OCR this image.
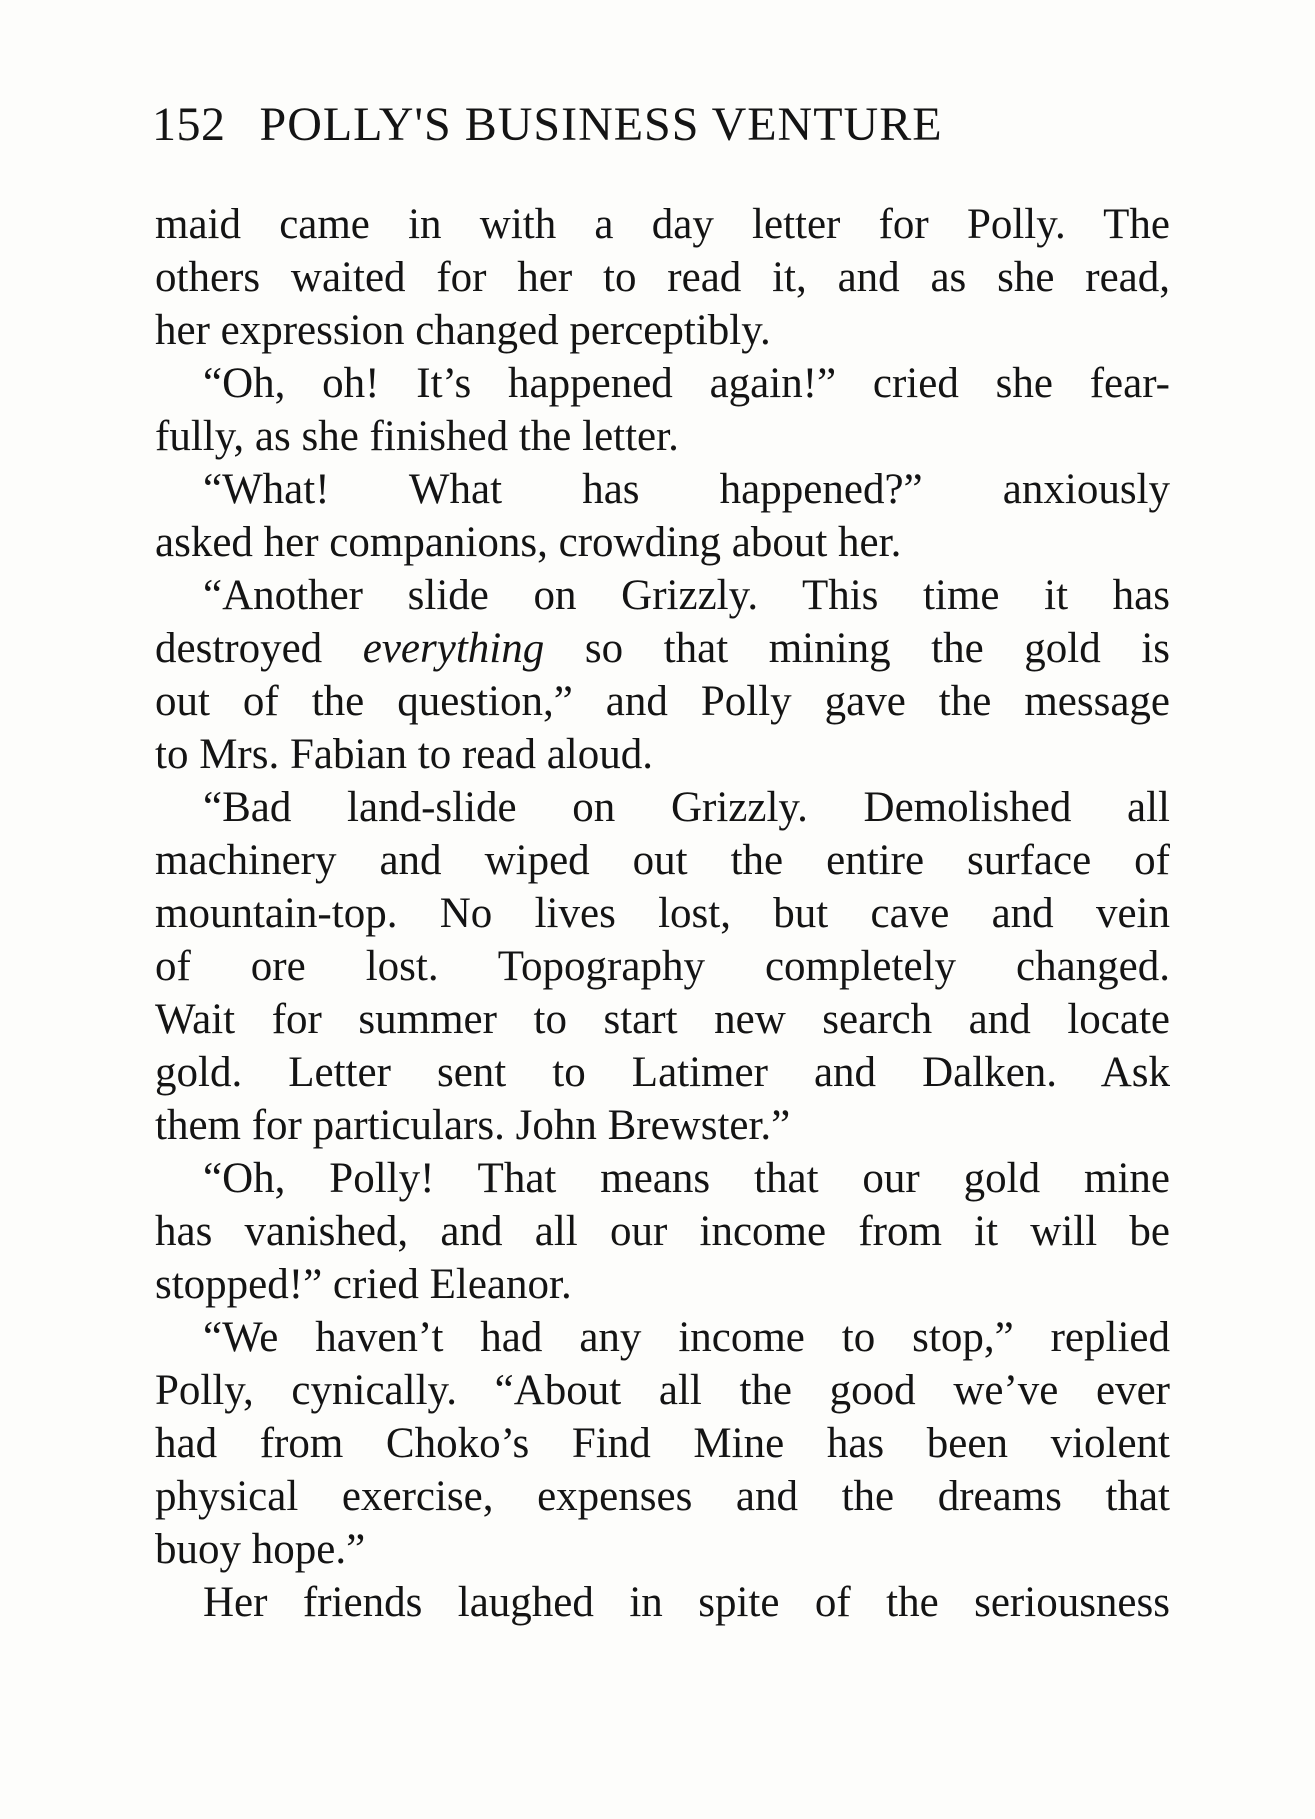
152 POLLY'S BUSINESS VENTURE
maid came in with a day letter for Polly. The
others waited for her to read it, and as she read,
her expression changed perceptibly.
“Oh, oh! It’s happened again!” cried she fear-
fully, as she finished the letter.
“What! What has happened?” anxiously
asked her companions, crowding about her.
“Another slide on Grizzly. This time it has
destroyed everything so that mining the gold is
out of the question,” and Polly gave the message
to Mrs. Fabian to read aloud.
“Bad land-slide on Grizzly. Demolished all
machinery and wiped out the entire surface of
mountain-top. No lives lost, but cave and vein
of ore lost. Topography completely changed.
Wait for summer to start new search and locate
gold. Letter sent to Latimer and Dalken. Ask
them for particulars. John Brewster.”
“Oh, Polly! That means that our gold mine
has vanished, and all our income from it will be
stopped!” cried Eleanor.
“We haven’t had any income to stop,” replied
Polly, cynically. “About all the good we’ve ever
had from Choko’s Find Mine has been violent
physical exercise, expenses and the dreams that
buoy hope.”
Her friends laughed in spite of the seriousness
